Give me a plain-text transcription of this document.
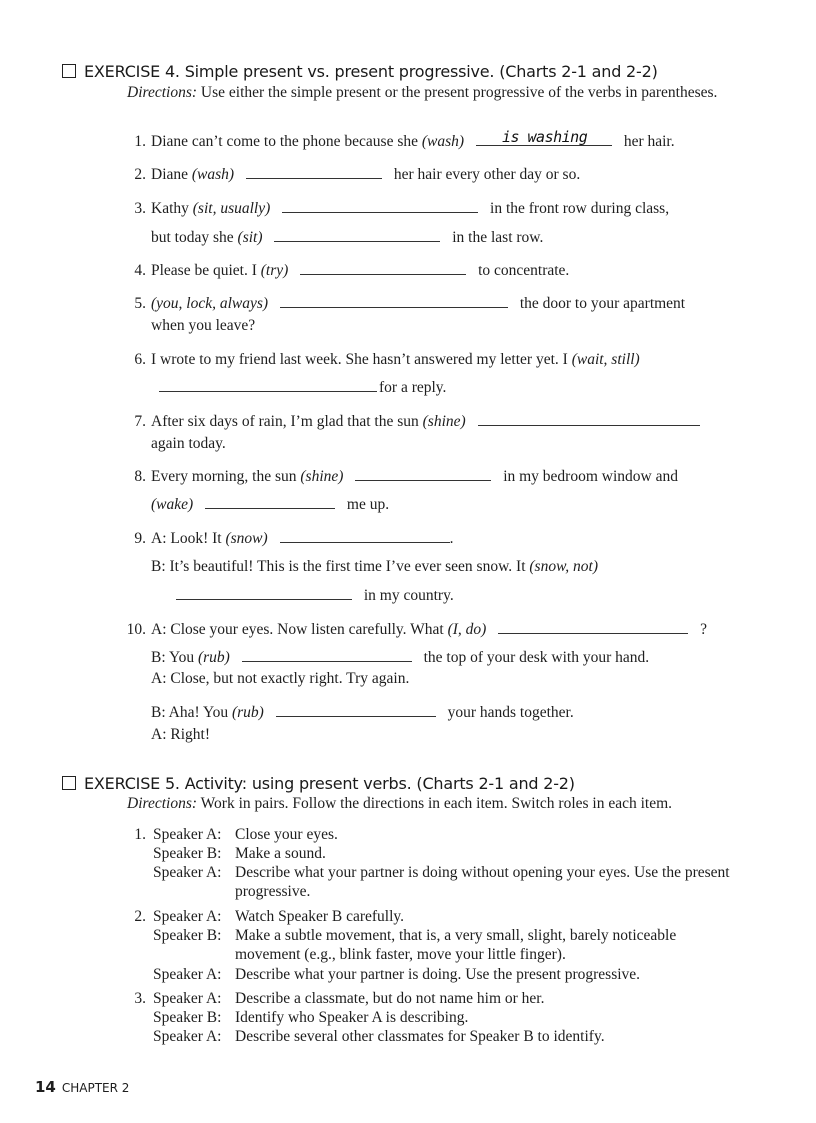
EXERCISE 4. Simple present vs. present progressive. (Charts 2-1 and 2-2)
Directions: Use either the simple present or the present progressive of the verbs in parentheses.
1. Diane can’t come to the phone because she (wash)	is washing her hair.
2. Diane (wash)	her hair every other day or so.
3. Kathy (sit, usually)	in the front row during class,
but today she (sit)	in the last row.
4. Please be quiet. I (try)	to concentrate.
5. (you, lock, always)	the door to your apartment
when you leave?
6. I wrote to my friend last week. She hasn’t answered my letter yet. I (wait, still)
for a reply.
7. After six days of rain, I’m glad that the sun (shine)
again today.
8. Every morning, the sun (shine)	in my bedroom window and
(wake)	me up.
9. A: Look! It (snow)	.
B: It’s beautiful! This is the first time I’ve ever seen snow. It (snow, not)
in my country.
10. A: Close your eyes. Now listen carefully. What (I, do)	?
B: You (rub)	the top of your desk with your hand.
A: Close, but not exactly right. Try again.
B: Aha! You (rub)	your hands together.
A: Right!
EXERCISE 5. Activity: using present verbs. (Charts 2-1 and 2-2)
Directions: Work in pairs. Follow the directions in each item. Switch roles in each item.
1. Speaker A: Close your eyes.
Speaker B: Make a sound.
Speaker A: Describe what your partner is doing without opening your eyes. Use the present progressive.
2. Speaker A: Watch Speaker B carefully.
Speaker B: Make a subtle movement, that is, a very small, slight, barely noticeable movement (e.g., blink faster, move your little finger).
Speaker A: Describe what your partner is doing. Use the present progressive.
3. Speaker A: Describe a classmate, but do not name him or her.
Speaker B: Identify who Speaker A is describing.
Speaker A: Describe several other classmates for Speaker B to identify.
14 CHAPTER 2
